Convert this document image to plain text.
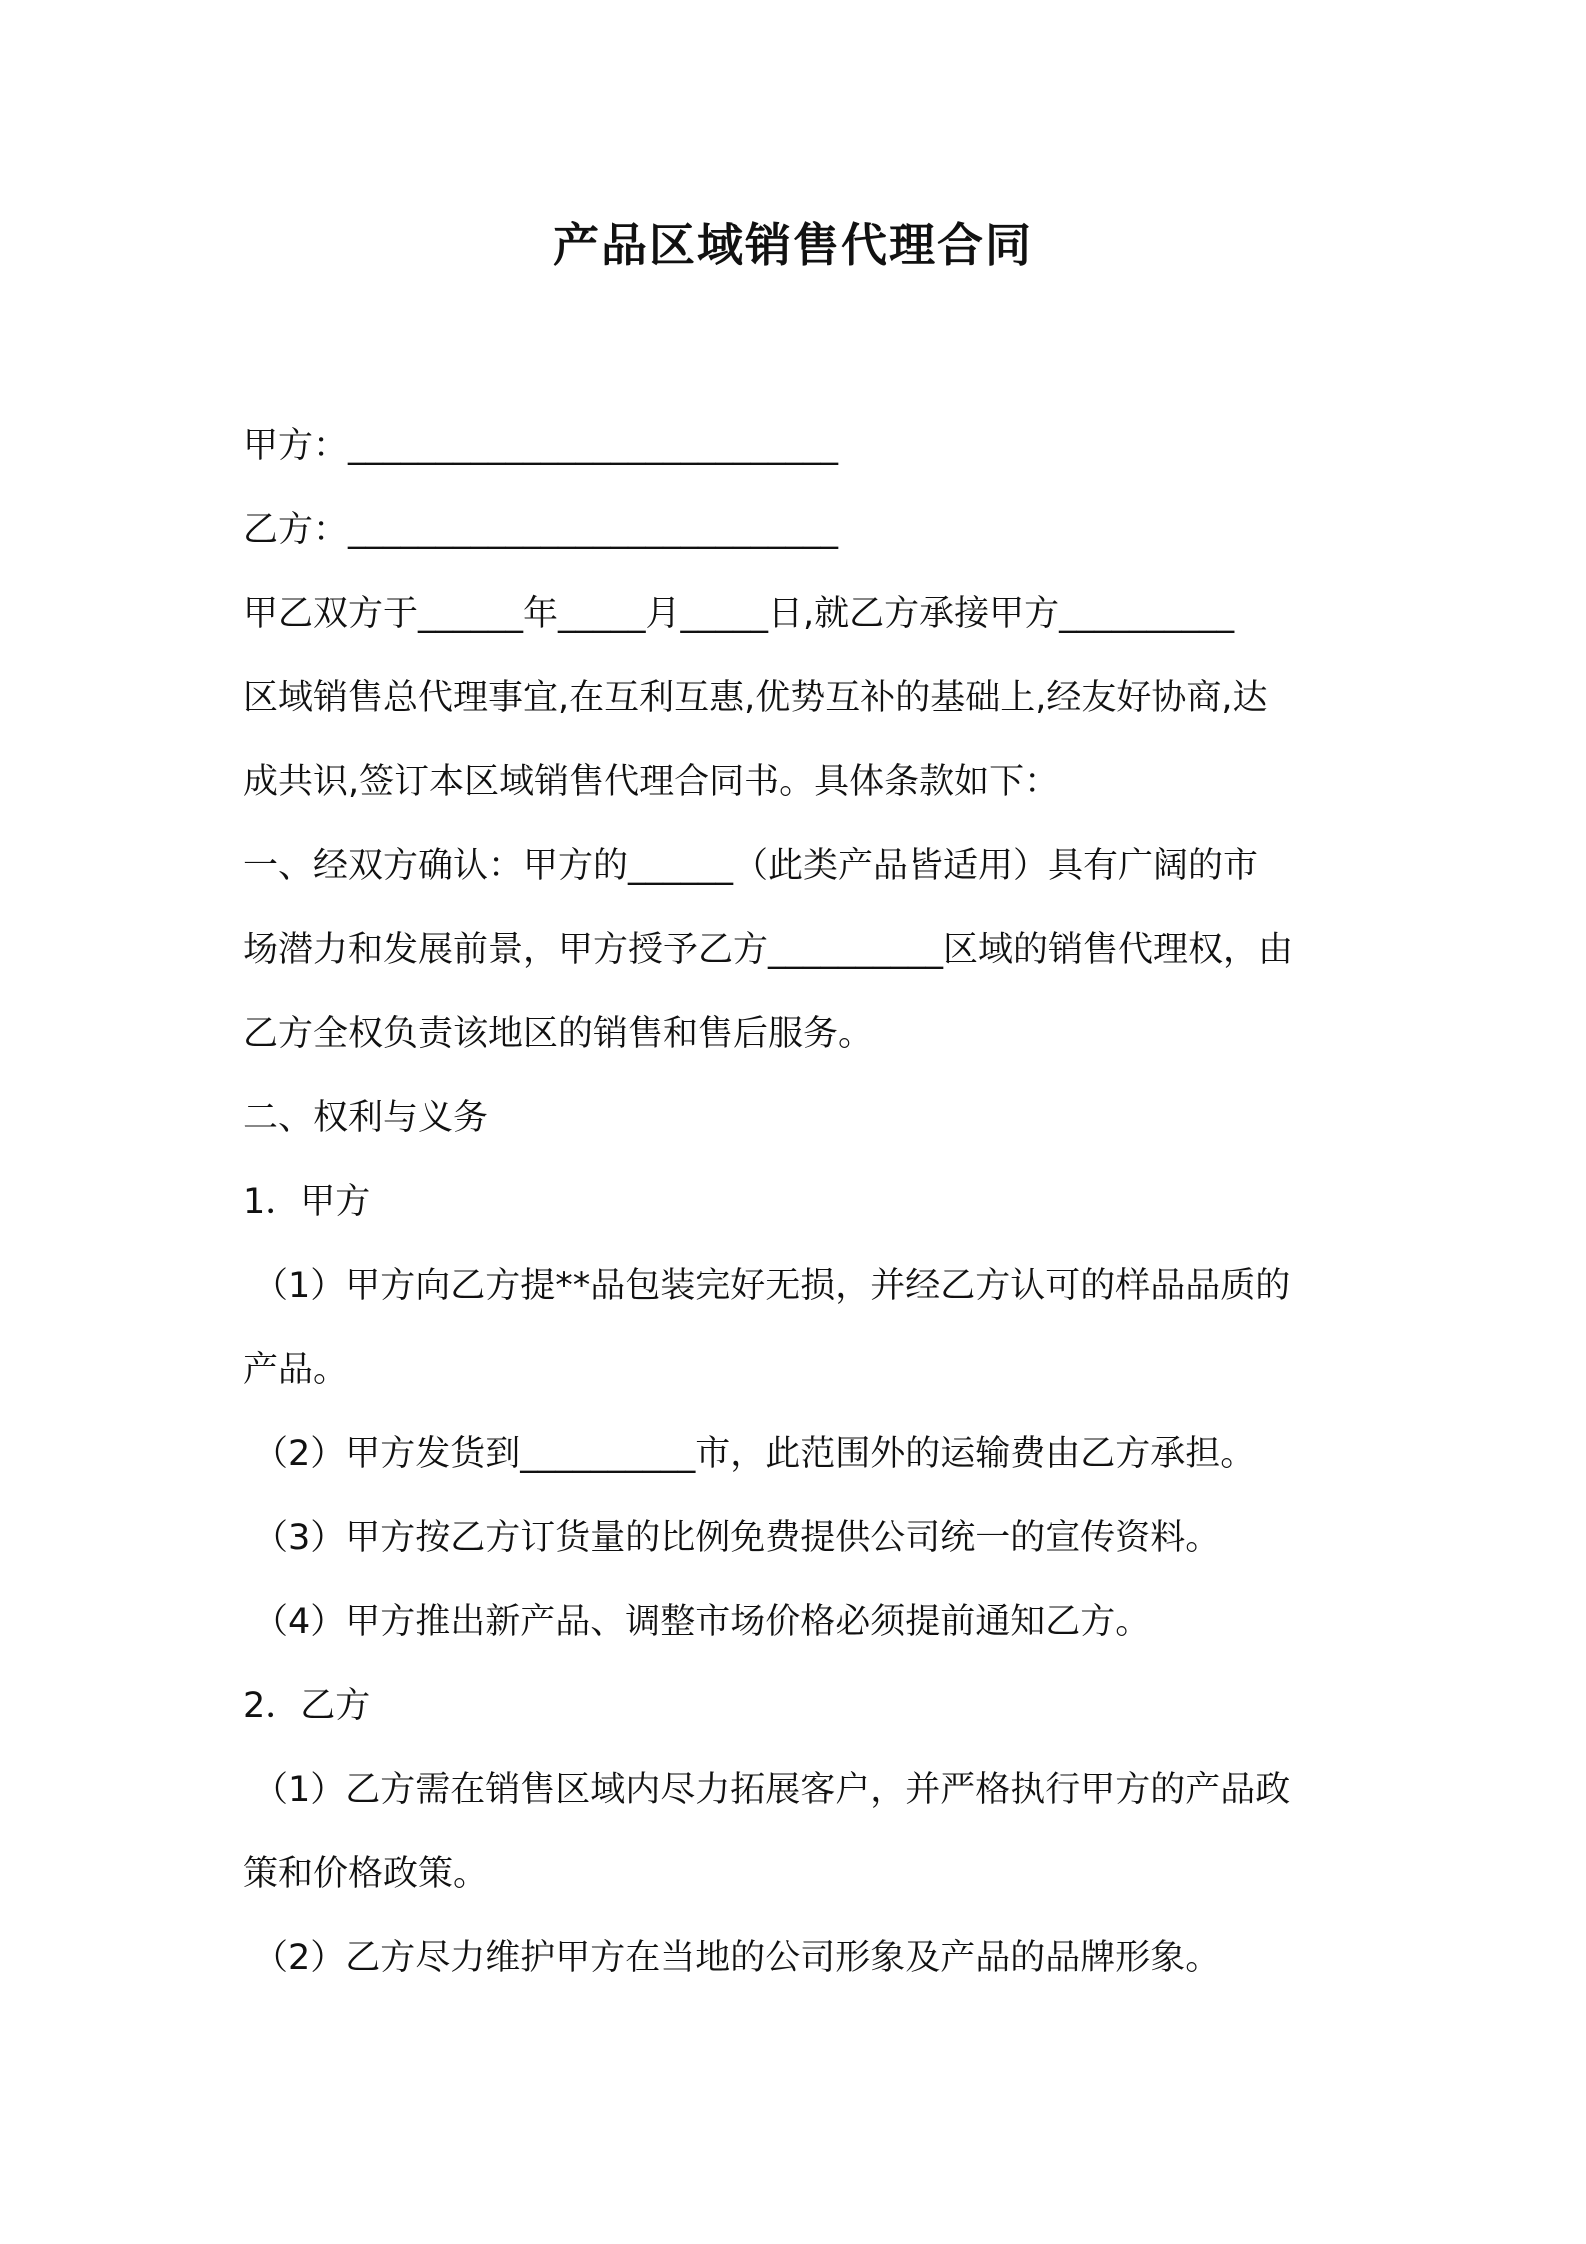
产品区域销售代理合同
甲方：____________________________
乙方：____________________________
甲乙双方于______年_____月_____日,就乙方承接甲方__________
区域销售总代理事宜,在互利互惠,优势互补的基础上,经友好协商,达
成共识,签订本区域销售代理合同书。具体条款如下：
一、经双方确认：甲方的______（此类产品皆适用）具有广阔的市
场潜力和发展前景，甲方授予乙方__________区域的销售代理权，由
乙方全权负责该地区的销售和售后服务。
二、权利与义务
1．甲方
（1）甲方向乙方提**品包装完好无损，并经乙方认可的样品品质的
产品。
（2）甲方发货到__________市，此范围外的运输费由乙方承担。
（3）甲方按乙方订货量的比例免费提供公司统一的宣传资料。
（4）甲方推出新产品、调整市场价格必须提前通知乙方。
2．乙方
（1）乙方需在销售区域内尽力拓展客户，并严格执行甲方的产品政
策和价格政策。
（2）乙方尽力维护甲方在当地的公司形象及产品的品牌形象。
